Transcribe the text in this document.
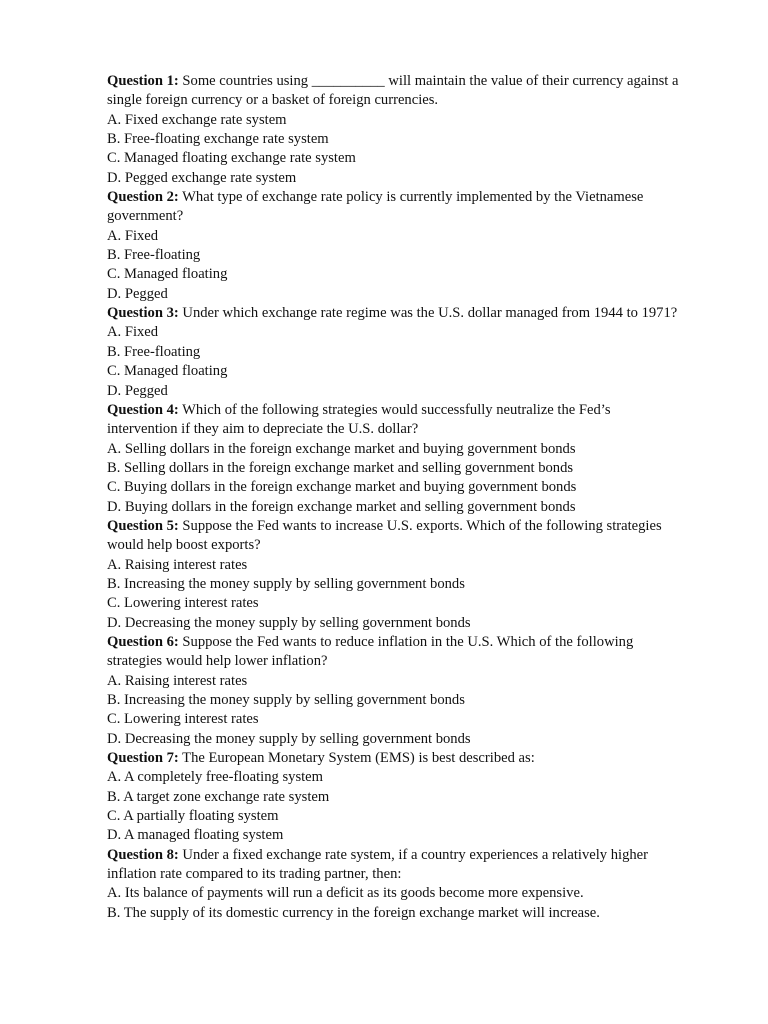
Question 1: Some countries using __________ will maintain the value of their currency against a single foreign currency or a basket of foreign currencies.

A. Fixed exchange rate system

B. Free-floating exchange rate system

C. Managed floating exchange rate system

D. Pegged exchange rate system

Question 2: What type of exchange rate policy is currently implemented by the Vietnamese government?

A. Fixed

B. Free-floating

C. Managed floating

D. Pegged

Question 3: Under which exchange rate regime was the U.S. dollar managed from 1944 to 1971?

A. Fixed

B. Free-floating

C. Managed floating

D. Pegged

Question 4: Which of the following strategies would successfully neutralize the Fed’s intervention if they aim to depreciate the U.S. dollar?

A. Selling dollars in the foreign exchange market and buying government bonds

B. Selling dollars in the foreign exchange market and selling government bonds

C. Buying dollars in the foreign exchange market and buying government bonds

D. Buying dollars in the foreign exchange market and selling government bonds

Question 5: Suppose the Fed wants to increase U.S. exports. Which of the following strategies would help boost exports?

A. Raising interest rates

B. Increasing the money supply by selling government bonds

C. Lowering interest rates

D. Decreasing the money supply by selling government bonds

Question 6: Suppose the Fed wants to reduce inflation in the U.S. Which of the following strategies would help lower inflation?

A. Raising interest rates

B. Increasing the money supply by selling government bonds

C. Lowering interest rates

D. Decreasing the money supply by selling government bonds

Question 7: The European Monetary System (EMS) is best described as:

A. A completely free-floating system

B. A target zone exchange rate system

C. A partially floating system

D. A managed floating system

Question 8: Under a fixed exchange rate system, if a country experiences a relatively higher inflation rate compared to its trading partner, then:

A. Its balance of payments will run a deficit as its goods become more expensive.

B. The supply of its domestic currency in the foreign exchange market will increase.
